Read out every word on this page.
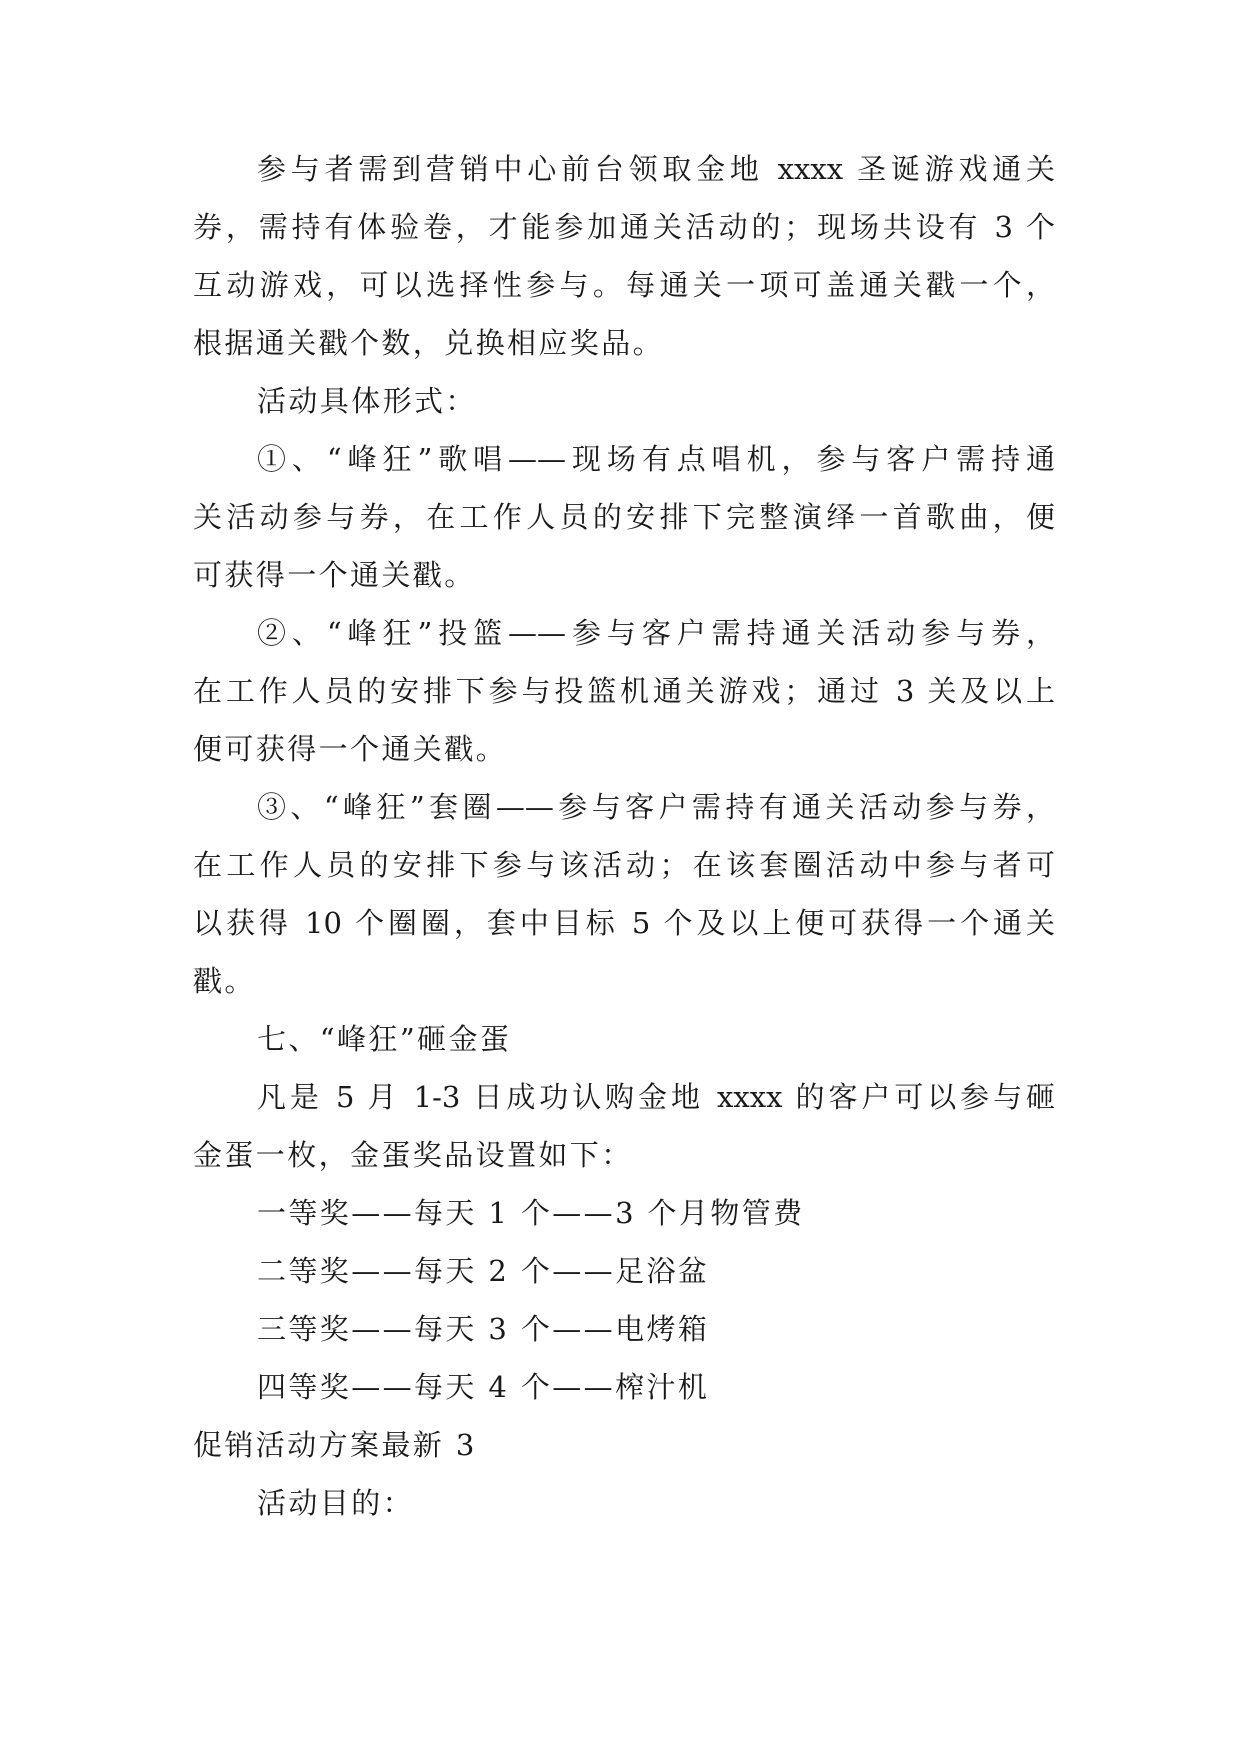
参与者需到营销中心前台领取金地 xxxx 圣诞游戏通关
券，需持有体验卷，才能参加通关活动的；现场共设有 3 个
互动游戏，可以选择性参与。每通关一项可盖通关戳一个，
根据通关戳个数，兑换相应奖品。
活动具体形式：
①、“峰狂”歌唱——现场有点唱机，参与客户需持通
关活动参与券，在工作人员的安排下完整演绎一首歌曲，便
可获得一个通关戳。
②、“峰狂”投篮——参与客户需持通关活动参与券，
在工作人员的安排下参与投篮机通关游戏；通过 3 关及以上
便可获得一个通关戳。
③、“峰狂”套圈——参与客户需持有通关活动参与券，
在工作人员的安排下参与该活动；在该套圈活动中参与者可
以获得 10 个圈圈，套中目标 5 个及以上便可获得一个通关
戳。
七、“峰狂”砸金蛋
凡是 5 月 1-3 日成功认购金地 xxxx 的客户可以参与砸
金蛋一枚，金蛋奖品设置如下：
一等奖——每天 1 个——3 个月物管费
二等奖——每天 2 个——足浴盆
三等奖——每天 3 个——电烤箱
四等奖——每天 4 个——榨汁机
促销活动方案最新 3
活动目的：
